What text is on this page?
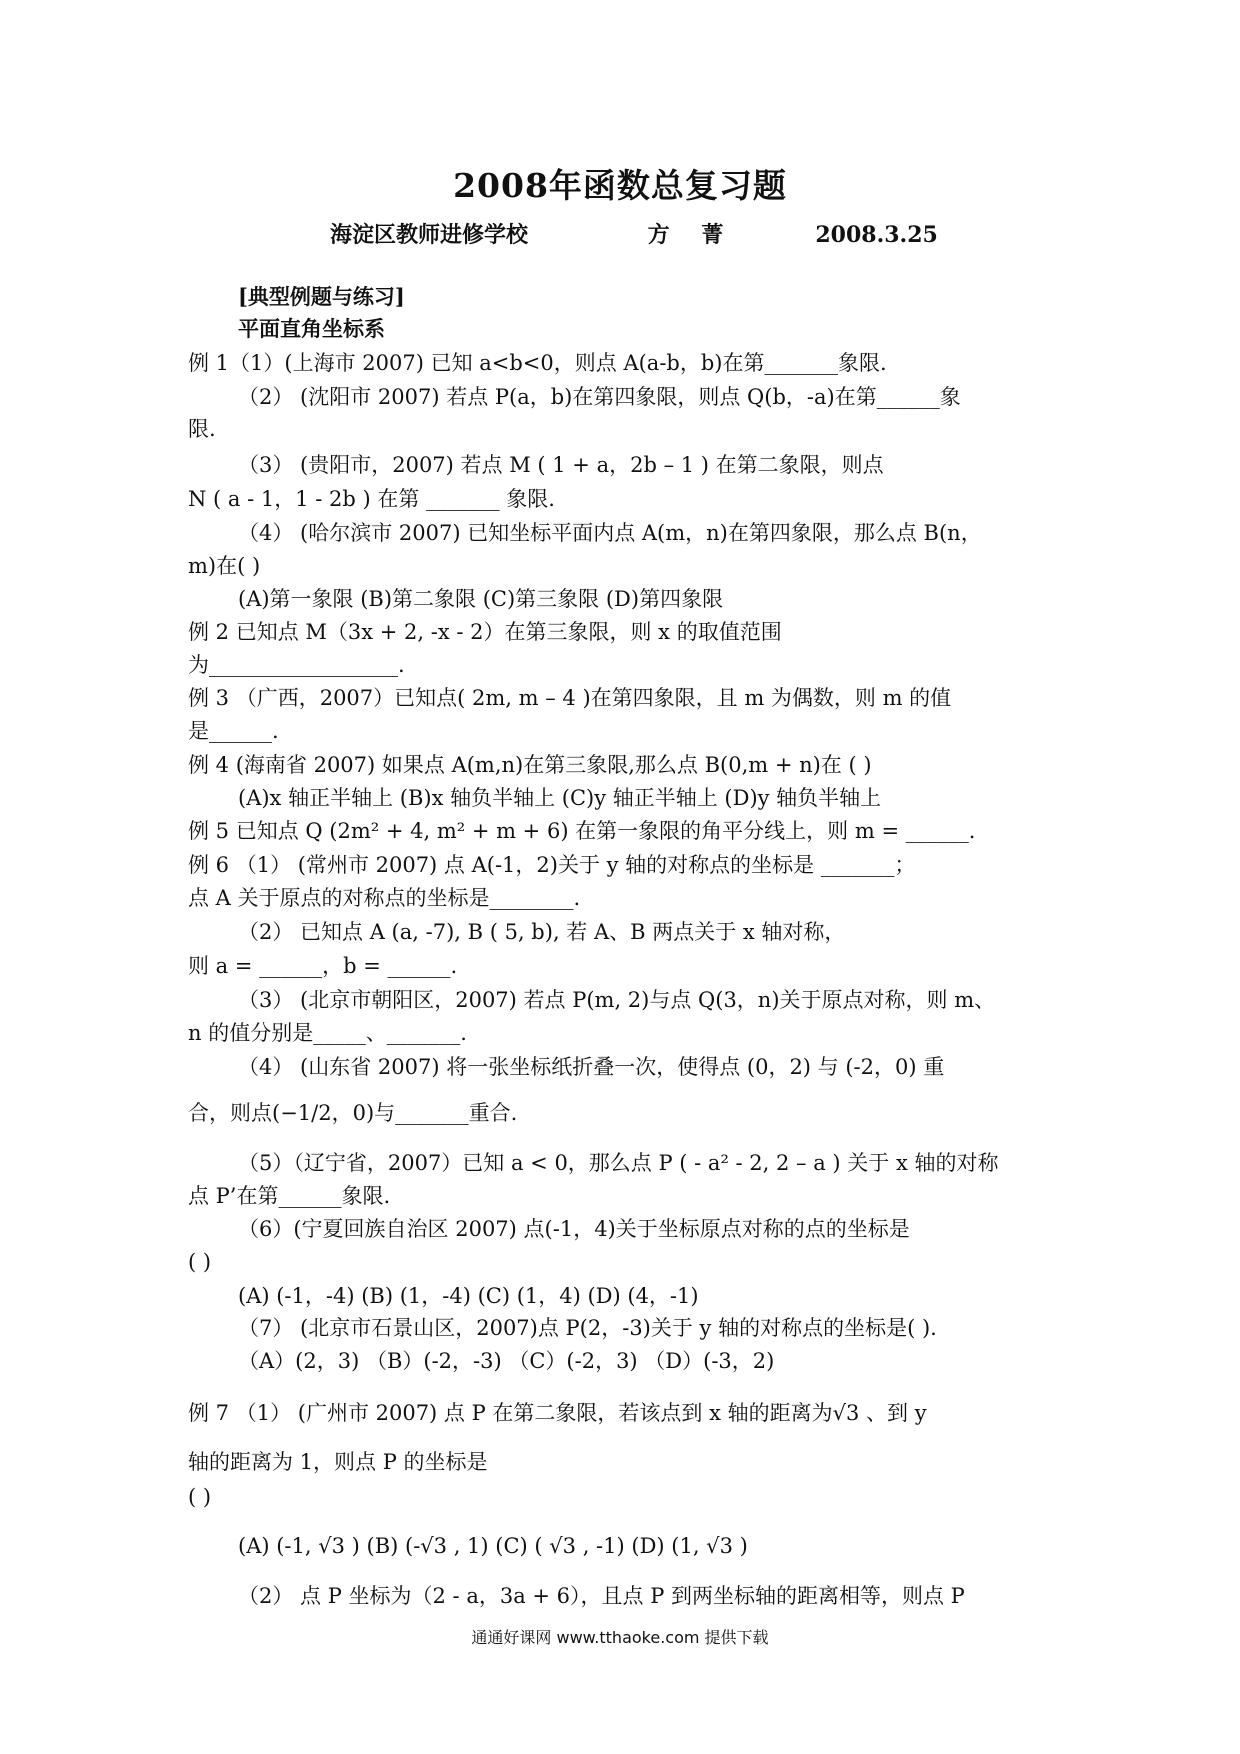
2008年函数总复习题
海淀区教师进修学校	方 菁	2008.3.25
[典型例题与练习]
平面直角坐标系
例 1（1）(上海市 2007) 已知 a<b<0，则点 A(a-b，b)在第_______象限.
（2） (沈阳市 2007) 若点 P(a，b)在第四象限，则点 Q(b，-a)在第______象
限.
（3） (贵阳市，2007) 若点 M ( 1 + a，2b – 1 ) 在第二象限，则点
N ( a - 1，1 - 2b ) 在第 _______ 象限.
（4） (哈尔滨市 2007) 已知坐标平面内点 A(m，n)在第四象限，那么点 B(n，
m)在( )
(A)第一象限 (B)第二象限 (C)第三象限 (D)第四象限
例 2 已知点 M（3x + 2, -x - 2）在第三象限，则 x 的取值范围
为__________________.
例 3 （广西，2007）已知点( 2m, m – 4 )在第四象限，且 m 为偶数，则 m 的值
是______.
例 4 (海南省 2007) 如果点 A(m,n)在第三象限,那么点 B(0,m + n)在 ( )
(A)x 轴正半轴上 (B)x 轴负半轴上 (C)y 轴正半轴上 (D)y 轴负半轴上
例 5 已知点 Q (2m² + 4, m² + m + 6) 在第一象限的角平分线上，则 m = ______.
例 6 （1） (常州市 2007) 点 A(-1，2)关于 y 轴的对称点的坐标是 _______；
点 A 关于原点的对称点的坐标是________.
（2） 已知点 A (a, -7), B ( 5, b), 若 A、B 两点关于 x 轴对称，
则 a = ______，b = ______.
（3） (北京市朝阳区，2007) 若点 P(m, 2)与点 Q(3，n)关于原点对称，则 m、
n 的值分别是_____、_______.
（4） (山东省 2007) 将一张坐标纸折叠一次，使得点 (0，2) 与 (-2，0) 重
合，则点(−1/2，0)与_______重合.
（5）（辽宁省，2007）已知 a < 0，那么点 P ( - a² - 2, 2 – a ) 关于 x 轴的对称
点 P’在第______象限.
（6）(宁夏回族自治区 2007) 点(-1，4)关于坐标原点对称的点的坐标是
( )
(A) (-1，-4) (B) (1，-4) (C) (1，4) (D) (4，-1)
（7） (北京市石景山区，2007)点 P(2，-3)关于 y 轴的对称点的坐标是( ).
（A）(2，3) （B）(-2，-3) （C）(-2，3) （D）(-3，2)
例 7 （1） (广州市 2007) 点 P 在第二象限，若该点到 x 轴的距离为√3 、到 y
轴的距离为 1，则点 P 的坐标是
( )
(A) (-1, √3 ) (B) (-√3 , 1) (C) ( √3 , -1) (D) (1, √3 )
（2） 点 P 坐标为（2 - a，3a + 6），且点 P 到两坐标轴的距离相等，则点 P
通通好课网 www.tthaoke.com 提供下载
